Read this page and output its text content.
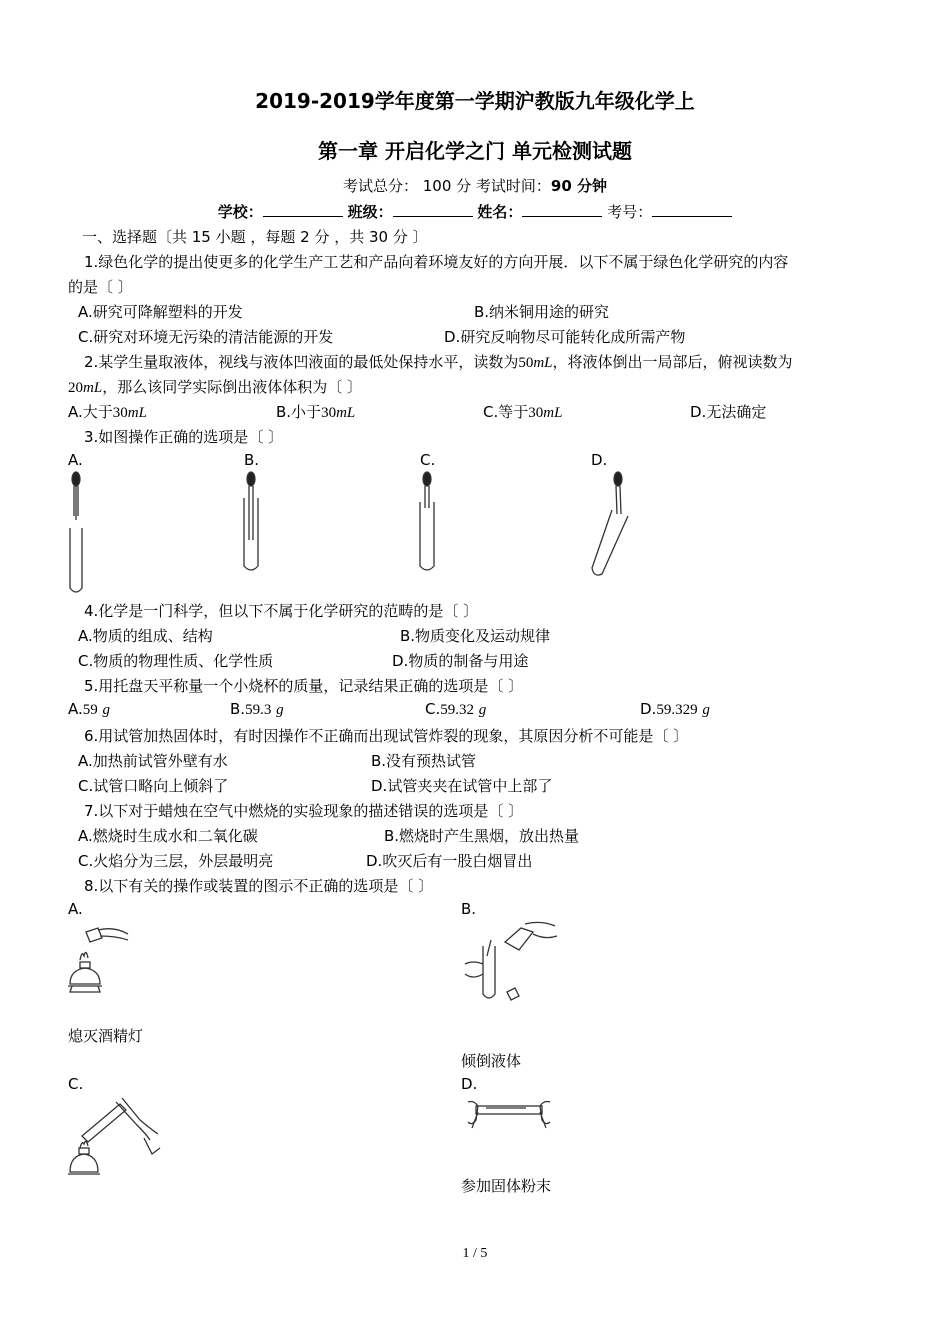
2019-2019学年度第一学期沪教版九年级化学上
第一章 开启化学之门 单元检测试题
考试总分： 100 分 考试时间：90 分钟
学校：	班级：	姓名：	考号：
一、选择题〔共 15 小题 ，每题 2 分 ，共 30 分 〕
1.绿色化学的提出使更多的化学生产工艺和产品向着环境友好的方向开展．以下不属于绿色化学研究的内容
的是〔 〕
A.研究可降解塑料的开发	B.纳米铜用途的研究
C.研究对环境无污染的清洁能源的开发	D.研究反响物尽可能转化成所需产物
2.某学生量取液体，视线与液体凹液面的最低处保持水平，读数为50mL，将液体倒出一局部后，俯视读数为
20mL，那么该同学实际倒出液体体积为〔 〕
A.大于30mL	B.小于30mL	C.等于30mL	D.无法确定
3.如图操作正确的选项是〔 〕
A.	B.	C.	D.
4.化学是一门科学，但以下不属于化学研究的范畴的是〔 〕
A.物质的组成、结构	B.物质变化及运动规律
C.物质的物理性质、化学性质	D.物质的制备与用途
5.用托盘天平称量一个小烧杯的质量，记录结果正确的选项是〔 〕
A.59 g	B.59.3 g	C.59.32 g	D.59.329 g
6.用试管加热固体时，有时因操作不正确而出现试管炸裂的现象，其原因分析不可能是〔 〕
A.加热前试管外壁有水	B.没有预热试管
C.试管口略向上倾斜了	D.试管夹夹在试管中上部了
7.以下对于蜡烛在空气中燃烧的实验现象的描述错误的选项是〔 〕
A.燃烧时生成水和二氧化碳	B.燃烧时产生黑烟，放出热量
C.火焰分为三层，外层最明亮	D.吹灭后有一股白烟冒出
8.以下有关的操作或装置的图示不正确的选项是〔 〕
A.	B.
熄灭酒精灯
倾倒液体
C.	D.
参加固体粉末
1 / 5
